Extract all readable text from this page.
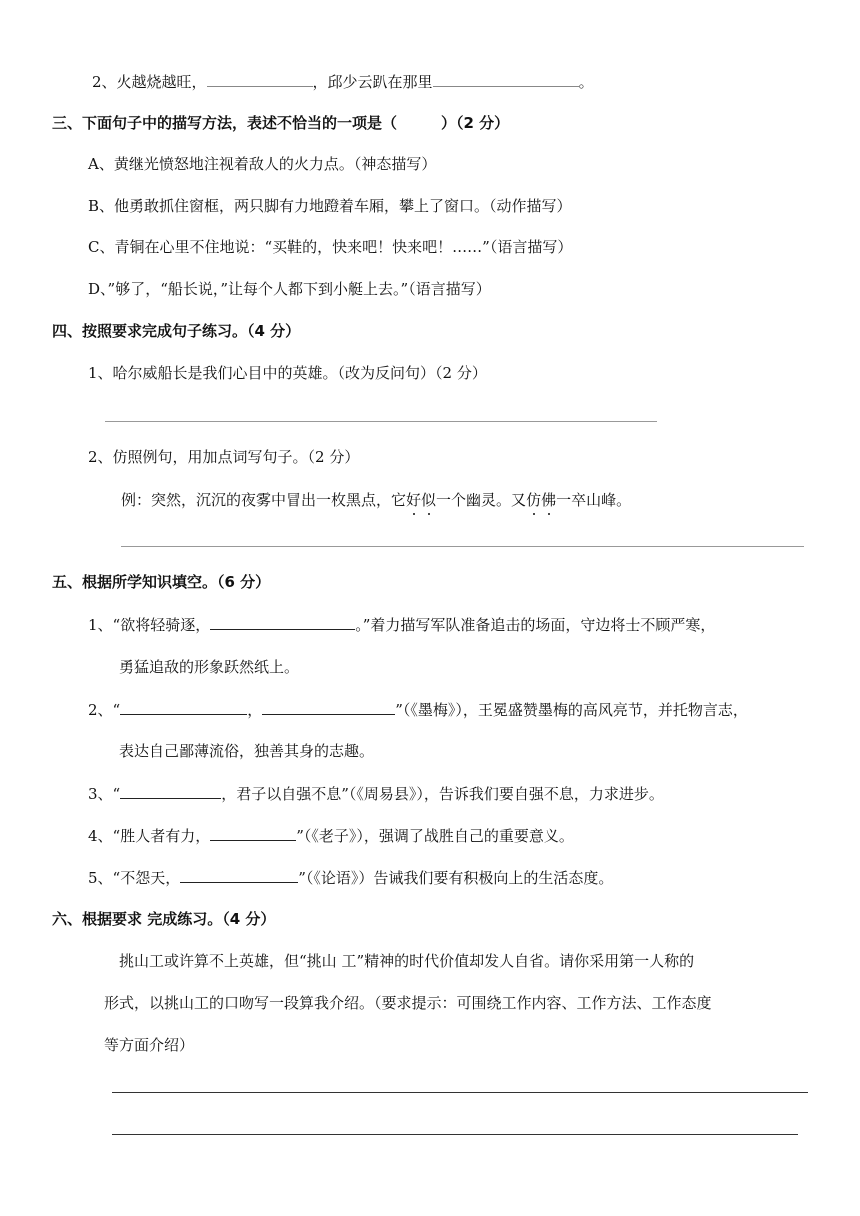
2、火越烧越旺，	，邱少云趴在那里	。
三、下面句子中的描写方法，表述不恰当的一项是（	）（2 分）
A、黄继光愤怒地注视着敌人的火力点。（神态描写）
B、他勇敢抓住窗框，两只脚有力地蹬着车厢，攀上了窗口。（动作描写）
C、青铜在心里不住地说：“买鞋的，快来吧！快来吧！……”（语言描写）
D、”够了，“船长说，”让每个人都下到小艇上去。”（语言描写）
四、按照要求完成句子练习。（4 分）
1、哈尔威船长是我们心目中的英雄。（改为反问句）（2 分）
2、仿照例句，用加点词写句子。（2 分）
例：突然，沉沉的夜雾中冒出一枚黑点，它好似一个幽灵。又仿佛一卒山峰。
五、根据所学知识填空。（6 分）
1、“欲将轻骑逐，	。”着力描写军队准备追击的场面，守边将士不顾严寒，
勇猛追敌的形象跃然纸上。
2、“	，	”（《墨梅》），王冕盛赞墨梅的高风亮节，并托物言志，
表达自己鄙薄流俗，独善其身的志趣。
3、“	，君子以自强不息”（《周易县》），告诉我们要自强不息，力求进步。
4、“胜人者有力，	”（《老子》），强调了战胜自己的重要意义。
5、“不怨天，	”（《论语》）告诫我们要有积极向上的生活态度。
六、根据要求 完成练习。（4 分）
挑山工或许算不上英雄，但“挑山 工”精神的时代价值却发人自省。请你采用第一人称的
形式，以挑山工的口吻写一段算我介绍。（要求提示：可围绕工作内容、工作方法、工作态度
等方面介绍）
